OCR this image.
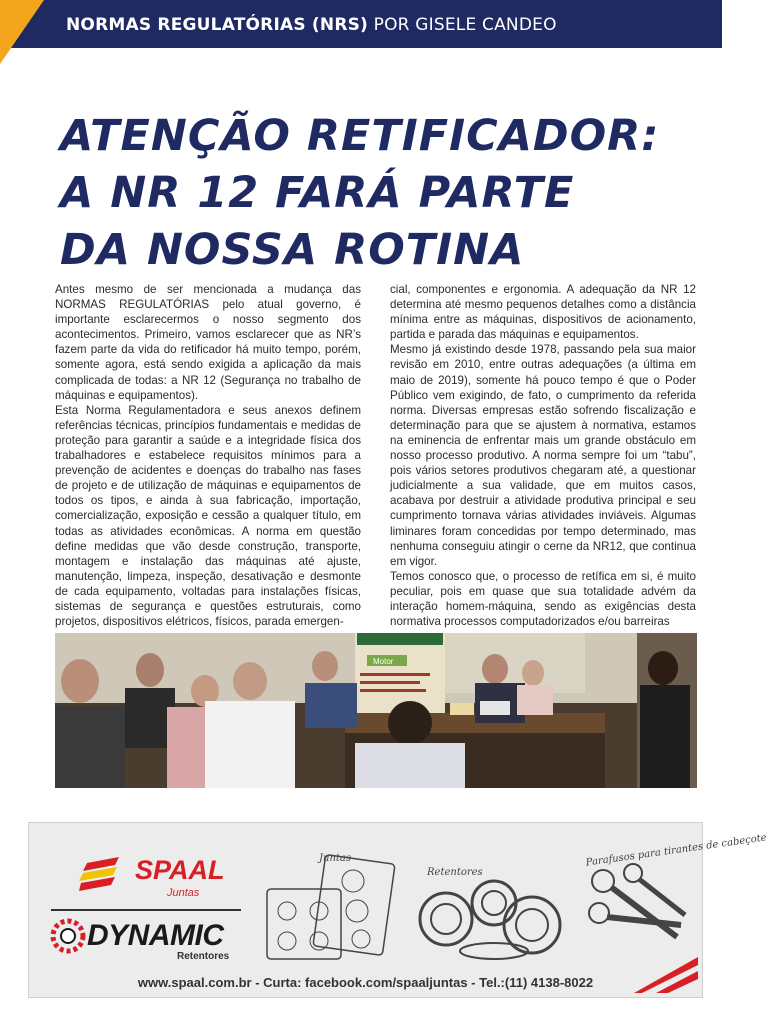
NORMAS REGULATÓRIAS (NRS) POR GISELE CANDEO
ATENÇÃO RETIFICADOR:
A NR 12 FARÁ PARTE
DA NOSSA ROTINA

Antes mesmo de ser mencionada a mudança das NORMAS REGULATÓRIAS pelo atual governo, é importante esclarecermos o nosso segmento dos acontecimentos. Primeiro, vamos esclarecer que as NR’s fazem parte da vida do retificador há muito tempo, porém, somente agora, está sendo exigida a aplicação da mais complicada de todas: a NR 12 (Segurança no trabalho de máquinas e equipamentos).

Esta Norma Regulamentadora e seus anexos definem referências técnicas, princípios fundamentais e medidas de proteção para garantir a saúde e a integridade física dos trabalhadores e estabelece requisitos mínimos para a prevenção de acidentes e doenças do trabalho nas fases de projeto e de utilização de máquinas e equipamentos de todos os tipos, e ainda à sua fabricação, importação, comercialização, exposição e cessão a qualquer título, em todas as atividades econômicas. A norma em questão define medidas que vão desde construção, transporte, montagem e instalação das máquinas até ajuste, manutenção, limpeza, inspeção, desativação e desmonte de cada equipamento, voltadas para instalações físicas, sistemas de segurança e questões estruturais, como projetos, dispositivos elétricos, físicos, parada emergen-

cial, componentes e ergonomia. A adequação da NR 12 determina até mesmo pequenos detalhes como a distância mínima entre as máquinas, dispositivos de acionamento, partida e parada das máquinas e equipamentos.

Mesmo já existindo desde 1978, passando pela sua maior revisão em 2010, entre outras adequações (a última em maio de 2019), somente há pouco tempo é que o Poder Público vem exigindo, de fato, o cumprimento da referida norma. Diversas empresas estão sofrendo fiscalização e determinação para que se ajustem à normativa, estamos na eminencia de enfrentar mais um grande obstáculo em nosso processo produtivo. A norma sempre foi um “tabu”, pois vários setores produtivos chegaram até, a questionar judicialmente a sua validade, que em muitos casos, acabava por destruir a atividade produtiva principal e seu cumprimento tornava várias atividades inviáveis. Algumas liminares foram concedidas por tempo determinado, mas nenhuma conseguiu atingir o cerne da NR12, que continua em vigor.

Temos conosco que, o processo de retífica em si, é muito peculiar, pois em quase que sua totalidade advém da interação homem-máquina, sendo as exigências desta normativa processos computadorizados e/ou barreiras

Motor
SPAAL
Juntas
DYNAMIC
Retentores
Juntas
Retentores
Parafusos para tirantes de cabeçote
www.spaal.com.br - Curta: facebook.com/spaaljuntas - Tel.:(11) 4138-8022
